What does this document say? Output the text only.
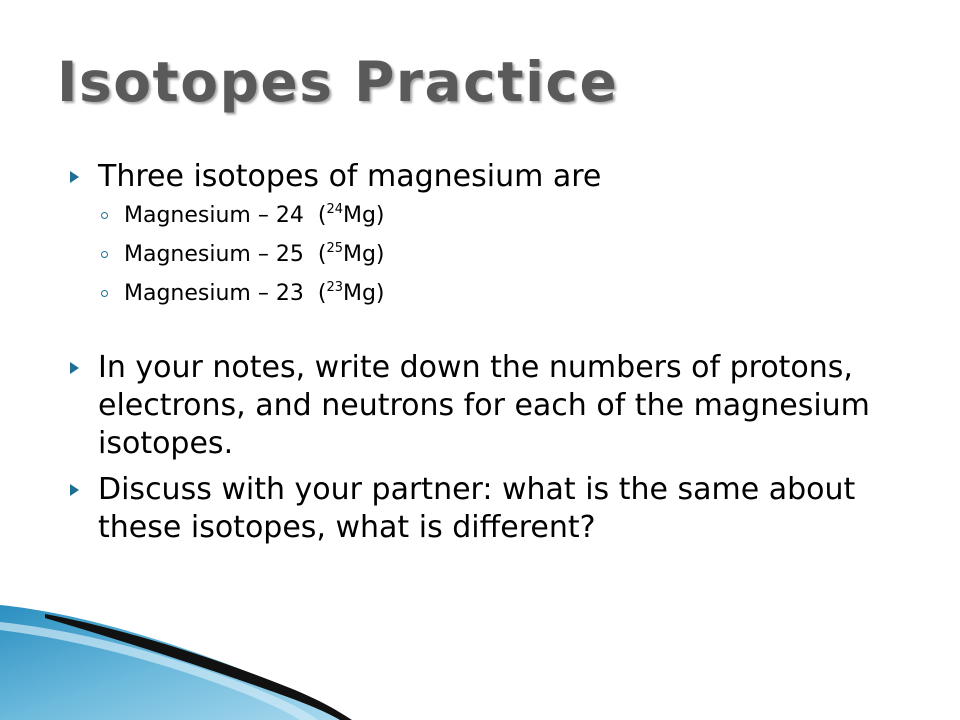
Isotopes Practice

Three isotopes of magnesium are

Magnesium – 24 ($^{24}$Mg)

Magnesium – 25 ($^{25}$Mg)

Magnesium – 23 ($^{23}$Mg)

In your notes, write down the numbers of protons, electrons, and neutrons for each of the magnesium isotopes.

Discuss with your partner: what is the same about these isotopes, what is different?
